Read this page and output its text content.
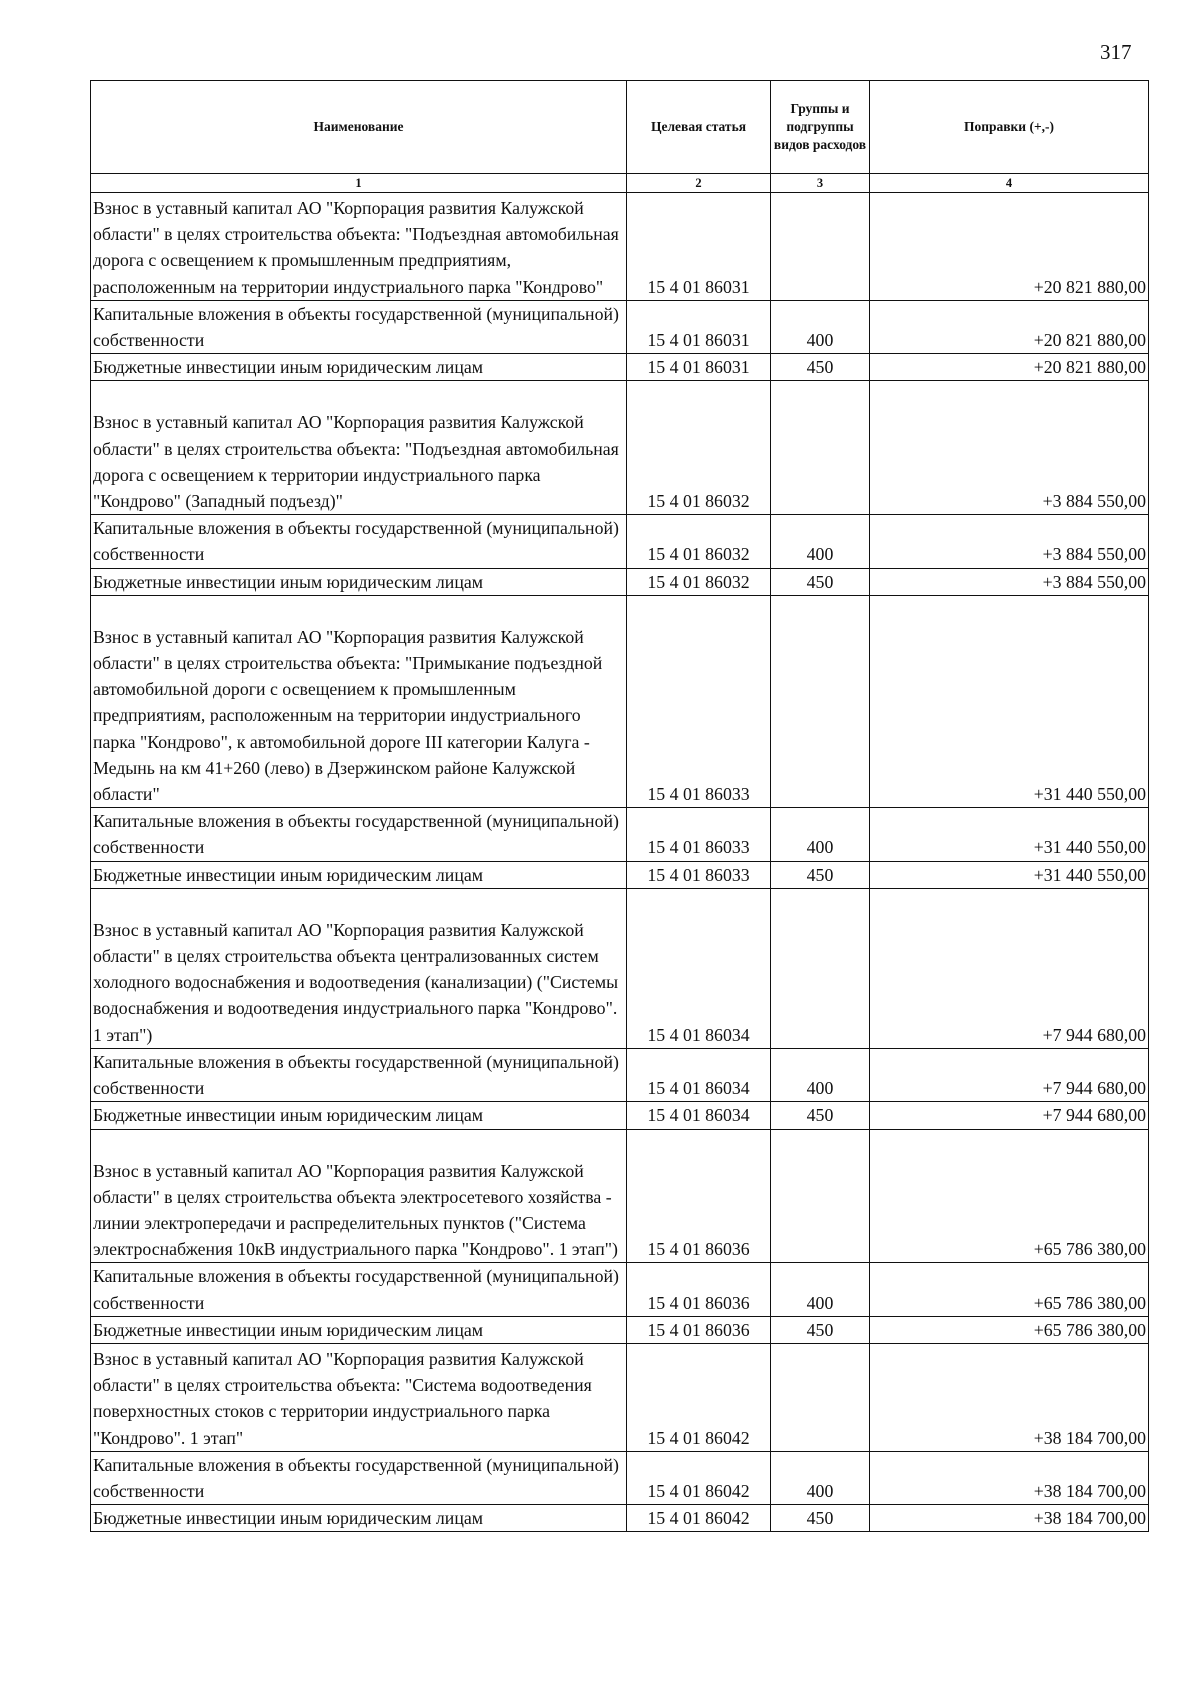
317
Наименование	Целевая статья	Группы и подгруппы видов расходов	Поправки (+,-)
1	2	3	4
Взнос в уставный капитал АО "Корпорация развития Калужской области" в целях строительства объекта: "Подъездная автомобильная дорога с освещением к промышленным предприятиям, расположенным на территории индустриального парка "Кондрово"	15 4 01 86031		+20 821 880,00
Капитальные вложения в объекты государственной (муниципальной) собственности	15 4 01 86031	400	+20 821 880,00
Бюджетные инвестиции иным юридическим лицам	15 4 01 86031	450	+20 821 880,00
Взнос в уставный капитал АО "Корпорация развития Калужской области" в целях строительства объекта: "Подъездная автомобильная дорога с освещением к территории индустриального парка "Кондрово" (Западный подъезд)"	15 4 01 86032		+3 884 550,00
Капитальные вложения в объекты государственной (муниципальной) собственности	15 4 01 86032	400	+3 884 550,00
Бюджетные инвестиции иным юридическим лицам	15 4 01 86032	450	+3 884 550,00
Взнос в уставный капитал АО "Корпорация развития Калужской области" в целях строительства объекта: "Примыкание подъездной автомобильной дороги с освещением к промышленным предприятиям, расположенным на территории индустриального парка "Кондрово", к автомобильной дороге III категории Калуга - Медынь на км 41+260 (лево) в Дзержинском районе Калужской области"	15 4 01 86033		+31 440 550,00
Капитальные вложения в объекты государственной (муниципальной) собственности	15 4 01 86033	400	+31 440 550,00
Бюджетные инвестиции иным юридическим лицам	15 4 01 86033	450	+31 440 550,00
Взнос в уставный капитал АО "Корпорация развития Калужской области" в целях строительства объекта централизованных систем холодного водоснабжения и водоотведения (канализации) ("Системы водоснабжения и водоотведения индустриального парка "Кондрово". 1 этап")	15 4 01 86034		+7 944 680,00
Капитальные вложения в объекты государственной (муниципальной) собственности	15 4 01 86034	400	+7 944 680,00
Бюджетные инвестиции иным юридическим лицам	15 4 01 86034	450	+7 944 680,00
Взнос в уставный капитал АО "Корпорация развития Калужской области" в целях строительства объекта электросетевого хозяйства - линии электропередачи и распределительных пунктов ("Система электроснабжения 10кВ индустриального парка "Кондрово". 1 этап")	15 4 01 86036		+65 786 380,00
Капитальные вложения в объекты государственной (муниципальной) собственности	15 4 01 86036	400	+65 786 380,00
Бюджетные инвестиции иным юридическим лицам	15 4 01 86036	450	+65 786 380,00
Взнос в уставный капитал АО "Корпорация развития Калужской области" в целях строительства объекта: "Система водоотведения поверхностных стоков с территории индустриального парка "Кондрово". 1 этап"	15 4 01 86042		+38 184 700,00
Капитальные вложения в объекты государственной (муниципальной) собственности	15 4 01 86042	400	+38 184 700,00
Бюджетные инвестиции иным юридическим лицам	15 4 01 86042	450	+38 184 700,00
